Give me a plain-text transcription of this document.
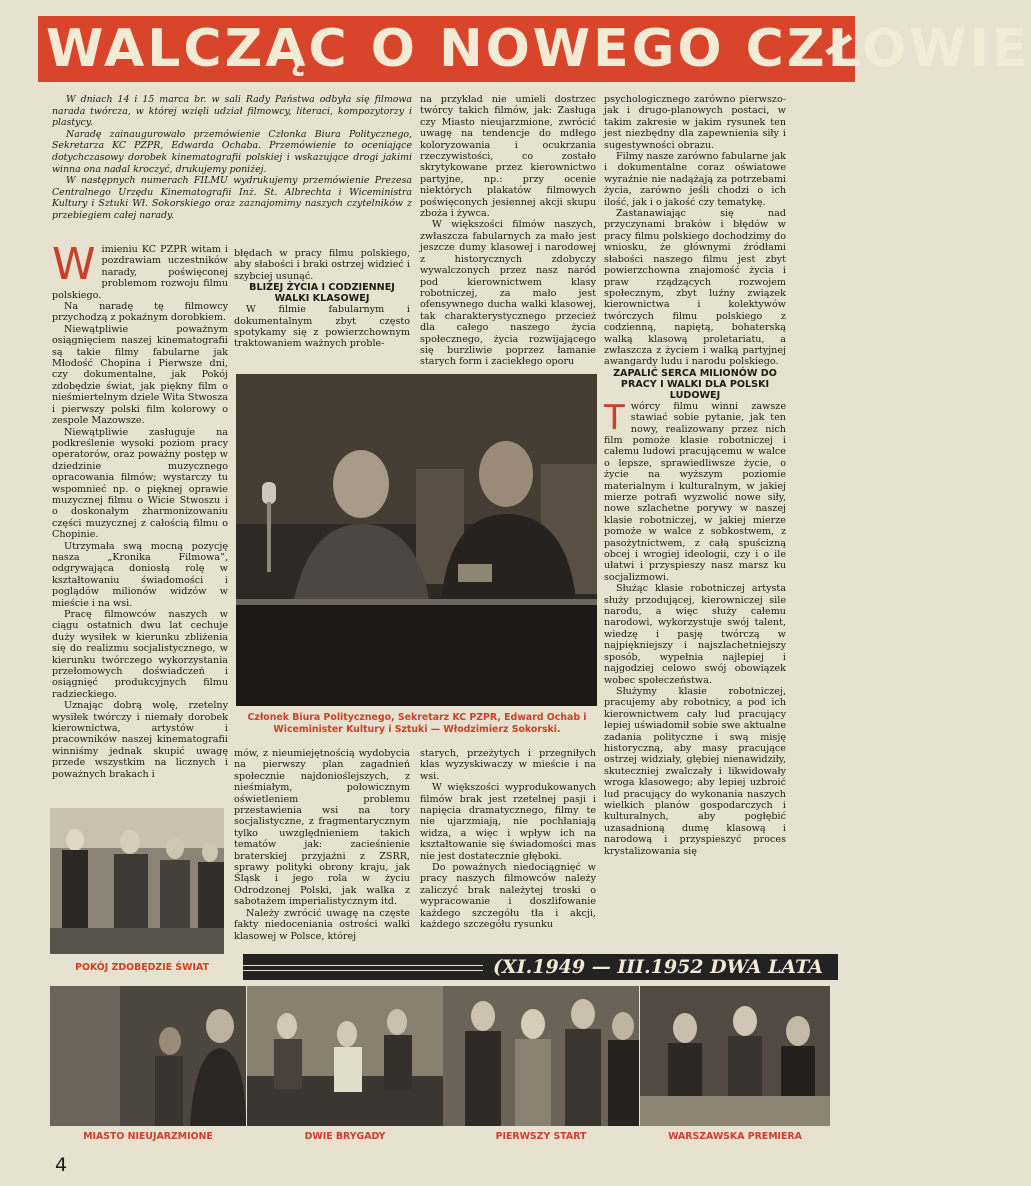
WALCZĄC O NOWEGO CZŁOWIE

W dniach 14 i 15 marca br. w sali Rady Państwa odbyła się filmowa narada twórcza, w której wzięli udział filmowcy, literaci, kompozytorzy i plastycy.

Naradę zainaugurowało przemówienie Członka Biura Politycznego, Sekretarza KC PZPR, Edwarda Ochaba. Przemówienie to oceniające dotychczasowy dorobek kinematografii polskiej i wskazujące drogi jakimi winna ona nadal kroczyć, drukujemy poniżej.

W następnych numerach FILMU wydrukujemy przemówienie Prezesa Centralnego Urzędu Kinematografii Inż. St. Albrechta i Wiceministra Kultury i Sztuki Wł. Sokorskiego oraz zaznajomimy naszych czytelników z przebiegiem całej narady.

W imieniu KC PZPR witam i pozdrawiam uczestników narady, poświęconej problemom rozwoju filmu polskiego.

Na naradę tę filmowcy przychodzą z pokaźnym dorobkiem.

Niewątpliwie poważnym osiągnięciem naszej kinematografii są takie filmy fabularne jak Młodość Chopina i Pierwsze dni, czy dokumentalne, jak Pokój zdobędzie świat, jak piękny film o nieśmiertelnym dziele Wita Stwosza i pierwszy polski film kolorowy o zespole Mazowsze.

Niewątpliwie zasługuje na podkreślenie wysoki poziom pracy operatorów, oraz poważny postęp w dziedzinie muzycznego opracowania filmów; wystarczy tu wspomnieć np. o pięknej oprawie muzycznej filmu o Wicie Stwoszu i o doskonałym zharmonizowaniu części muzycznej z całością filmu o Chopinie.

Utrzymała swą mocną pozycję nasza „Kronika Filmowa”, odgrywająca doniosłą rolę w kształtowaniu świadomości i poglądów milionów widzów w mieście i na wsi.

Pracę filmowców naszych w ciągu ostatnich dwu lat cechuje duży wysiłek w kierunku zbliżenia się do realizmu socjalistycznego, w kierunku twórczego wykorzystania przełomowych doświadczeń i osiągnięć produkcyjnych filmu radzieckiego.

Uznając dobrą wolę, rzetelny wysiłek twórczy i niemały dorobek kierownictwa, artystów i pracowników naszej kinematografii winniśmy jednak skupić uwagę przede wszystkim na licznych i poważnych brakach i

błędach w pracy filmu polskiego, aby słabości i braki ostrzej widzieć i szybciej usunąć.

BLIŻEJ ŻYCIA I CODZIENNEJ WALKI KLASOWEJ

W filmie fabularnym i dokumentalnym zbyt często spotykamy się z powierzchownym traktowaniem ważnych proble-

na przykład nie umieli dostrzec twórcy takich filmów, jak: Zasługa czy Miasto nieujarzmione, zwrócić uwagę na tendencje do mdłego koloryzowania i ocukrzania rzeczywistości, co zostało skrytykowane przez kierownictwo partyjne, np.: przy ocenie niektórych plakatów filmowych poświęconych jesiennej akcji skupu zboża i żywca.

W większości filmów naszych, zwłaszcza fabularnych za mało jest jeszcze dumy klasowej i narodowej z historycznych zdobyczy wywalczonych przez nasz naród pod kierownictwem klasy robotniczej, za mało jest ofensywnego ducha walki klasowej, tak charakterystycznego przecież dla całego naszego życia społecznego, życia rozwijającego się burzliwie poprzez łamanie starych form i zaciekłego oporu

psychologicznego zarówno pierwszo- jak i drugo-planowych postaci, w takim zakresie w jakim rysunek ten jest niezbędny dla zapewnienia siły i sugestywności obrazu.

Filmy nasze zarówno fabularne jak i dokumentalne coraz oświatowe wyraźnie nie nadążają za potrzebami życia, zarówno jeśli chodzi o ich ilość, jak i o jakość czy tematykę.

Zastanawiając się nad przyczynami braków i błędów w pracy filmu polskiego dochodzimy do wniosku, że głównymi źródłami słabości naszego filmu jest zbyt powierzchowna znajomość życia i praw rządzących rozwojem społecznym, zbyt luźny związek kierownictwa i kolektywów twórczych filmu polskiego z codzienną, napiętą, bohaterską walką klasową proletariatu, a zwłaszcza z życiem i walką partyjnej awangardy ludu i narodu polskiego.

ZAPALIĆ SERCA MILIONÓW DO PRACY I WALKI DLA POLSKI LUDOWEJ

T wórcy filmu winni zawsze stawiać sobie pytanie, jak ten nowy, realizowany przez nich film pomoże klasie robotniczej i całemu ludowi pracującemu w walce o lepsze, sprawiedliwsze życie, o życie na wyższym poziomie materialnym i kulturalnym, w jakiej mierze potrafi wyzwolić nowe siły, nowe szlachetne porywy w naszej klasie robotniczej, w jakiej mierze pomoże w walce z sobkostwem, z pasożytnictwem, z całą spuścizną obcej i wrogiej ideologii, czy i o ile ułatwi i przyspieszy nasz marsz ku socjalizmowi.

Służąc klasie robotniczej artysta służy przodującej, kierowniczej sile narodu, a więc służy całemu narodowi, wykorzystuje swój talent, wiedzę i pasję twórczą w najpiękniejszy i najszlachetniejszy sposób, wypełnia najlepiej i najgodziej celowo swój obowiązek wobec społeczeństwa.

Służymy klasie robotniczej, pracujemy aby robotnicy, a pod ich kierownictwem cały lud pracujący lepiej uświadomił sobie swe aktualne zadania polityczne i swą misję historyczną, aby masy pracujące ostrzej widziały, głębiej nienawidziły, skuteczniej zwalczały i likwidowały wroga klasowego; aby lepiej uzbroić lud pracujący do wykonania naszych wielkich planów gospodarczych i kulturalnych, aby pogłębić uzasadnioną dumę klasową i narodową i przyspieszyć proces krystalizowania się

Członek Biura Politycznego, Sekretarz KC PZPR, Edward Ochab i Wiceminister Kultury i Sztuki — Włodzimierz Sokorski.

mów, z nieumiejętnością wydobycia na pierwszy plan zagadnień społecznie najdonioślejszych, z nieśmiałym, połowicznym oświetleniem problemu przestawienia wsi na tory socjalistyczne, z fragmentarycznym tylko uwzględnieniem takich tematów jak: zacieśnienie braterskiej przyjaźni z ZSRR, sprawy polityki obrony kraju, jak Śląsk i jego rola w życiu Odrodzonej Polski, jak walka z sabotażem imperialistycznym itd.

Należy zwrócić uwagę na częste fakty niedoceniania ostrości walki klasowej w Polsce, której

starych, przeżytych i przegniłych klas wyzyskiwaczy w mieście i na wsi.

W większości wyprodukowanych filmów brak jest rzetelnej pasji i napięcia dramatycznego, filmy te nie ujarzmiają, nie pochłaniają widza, a więc i wpływ ich na kształtowanie się świadomości mas nie jest dostatecznie głęboki.

Do poważnych niedociągnięć w pracy naszych filmowców należy zaliczyć brak należytej troski o wypracowanie i doszlifowanie każdego szczegółu tła i akcji, każdego szczegółu rysunku

POKÓJ ZDOBĘDZIE ŚWIAT	(XI.1949 — III.1952 DWA LATA
MIASTO NIEUJARZMIONE	DWIE BRYGADY	PIERWSZY START	WARSZAWSKA PREMIERA
4
